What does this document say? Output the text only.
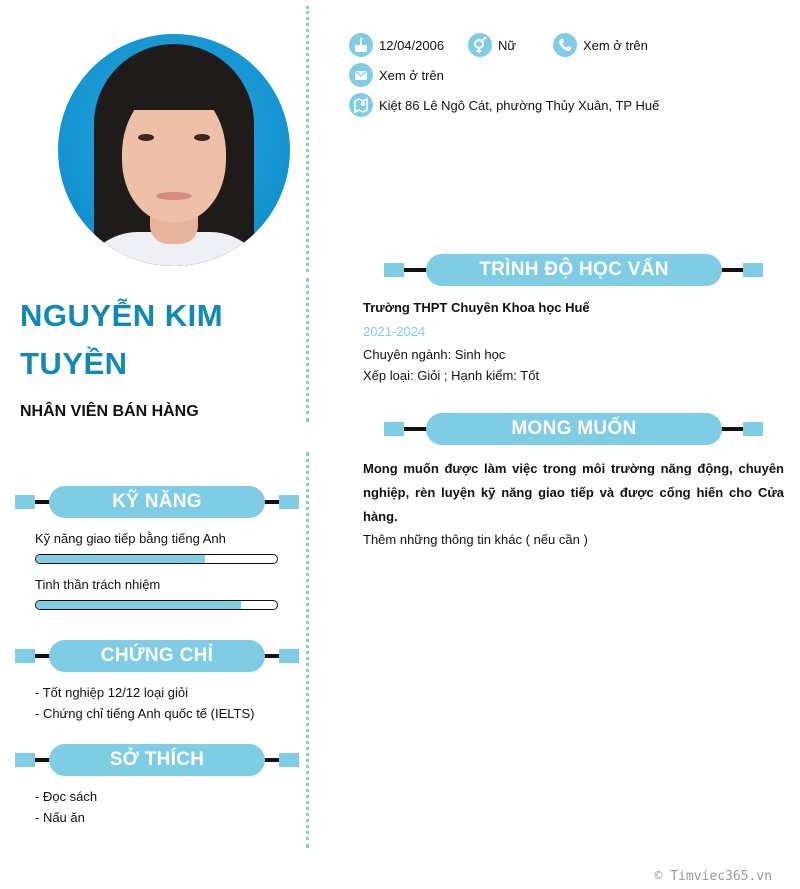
NGUYỄN KIM TUYỀN
NHÂN VIÊN BÁN HÀNG
KỸ NĂNG
Kỹ năng giao tiếp bằng tiếng Anh
Tinh thần trách nhiệm
CHỨNG CHỈ
- Tốt nghiệp 12/12 loại giỏi
- Chứng chỉ tiếng Anh quốc tế (IELTS)
SỞ THÍCH
- Đọc sách
- Nấu ăn
12/04/2006	Nữ	Xem ở trên
Xem ở trên
Kiệt 86 Lê Ngô Cát, phường Thủy Xuân, TP Huế
TRÌNH ĐỘ HỌC VẤN
Trường THPT Chuyên Khoa học Huế
2021-2024
Chuyên ngành: Sinh học
Xếp loại: Giỏi ; Hạnh kiểm: Tốt
MONG MUỐN
Mong muốn được làm việc trong môi trường năng động, chuyên nghiệp, rèn luyện kỹ năng giao tiếp và được cống hiến cho Cửa hàng.
Thêm những thông tin khác ( nếu cần )
© Timviec365.vn
